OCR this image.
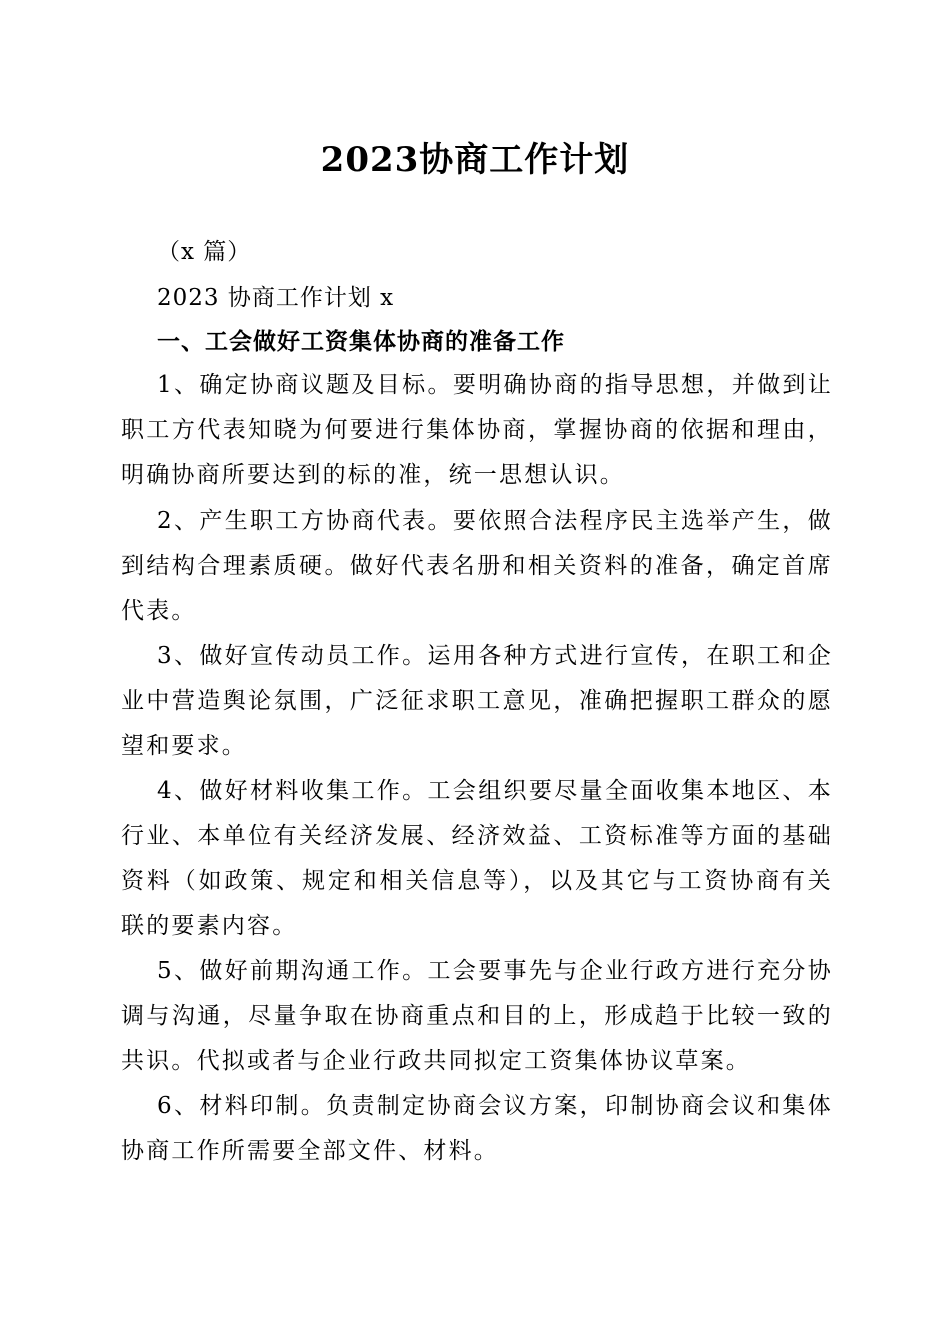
2023协商工作计划

（x 篇）

2023 协商工作计划 x

一、工会做好工资集体协商的准备工作

1、确定协商议题及目标。要明确协商的指导思想，并做到让职工方代表知晓为何要进行集体协商，掌握协商的依据和理由，明确协商所要达到的标的准，统一思想认识。

2、产生职工方协商代表。要依照合法程序民主选举产生，做到结构合理素质硬。做好代表名册和相关资料的准备，确定首席代表。

3、做好宣传动员工作。运用各种方式进行宣传，在职工和企业中营造舆论氛围，广泛征求职工意见，准确把握职工群众的愿望和要求。

4、做好材料收集工作。工会组织要尽量全面收集本地区、本行业、本单位有关经济发展、经济效益、工资标准等方面的基础资料（如政策、规定和相关信息等），以及其它与工资协商有关联的要素内容。

5、做好前期沟通工作。工会要事先与企业行政方进行充分协调与沟通，尽量争取在协商重点和目的上，形成趋于比较一致的共识。代拟或者与企业行政共同拟定工资集体协议草案。

6、材料印制。负责制定协商会议方案，印制协商会议和集体协商工作所需要全部文件、材料。
